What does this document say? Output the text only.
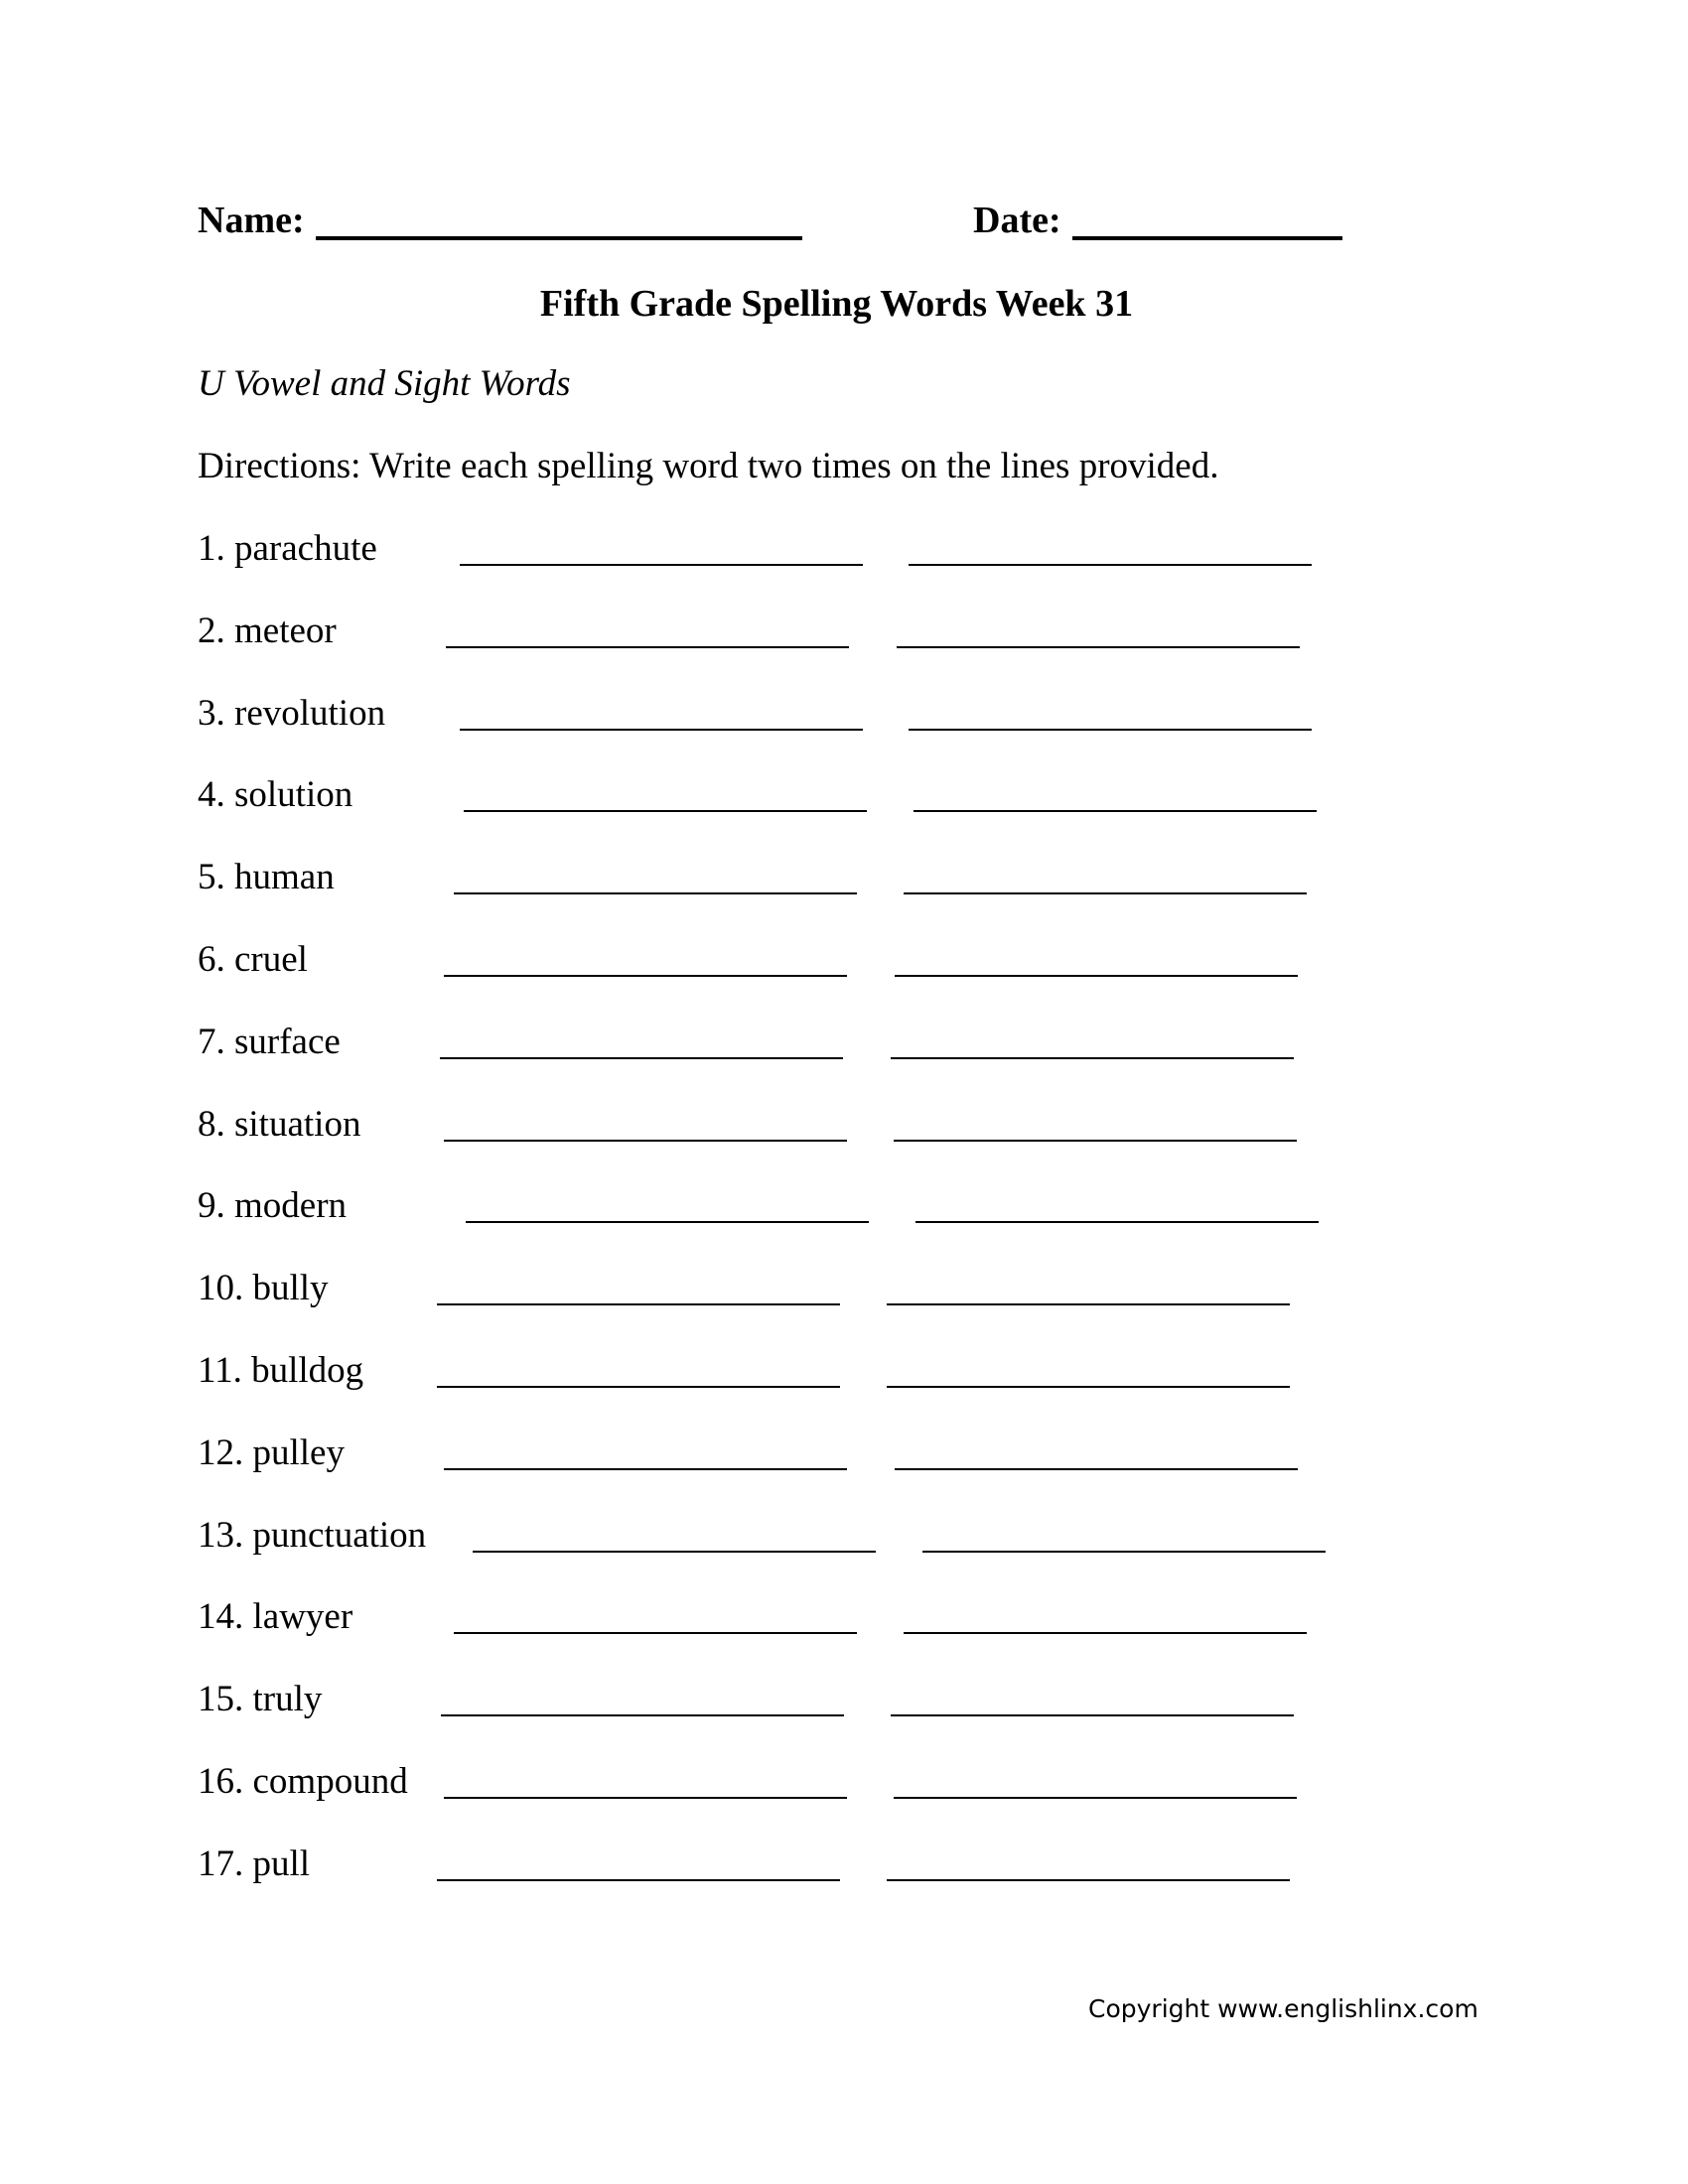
Name:	Date:
Fifth Grade Spelling Words Week 31
U Vowel and Sight Words
Directions: Write each spelling word two times on the lines provided.
1. parachute
2. meteor
3. revolution
4. solution
5. human
6. cruel
7. surface
8. situation
9. modern
10. bully
11. bulldog
12. pulley
13. punctuation
14. lawyer
15. truly
16. compound
17. pull
Copyright www.englishlinx.com
